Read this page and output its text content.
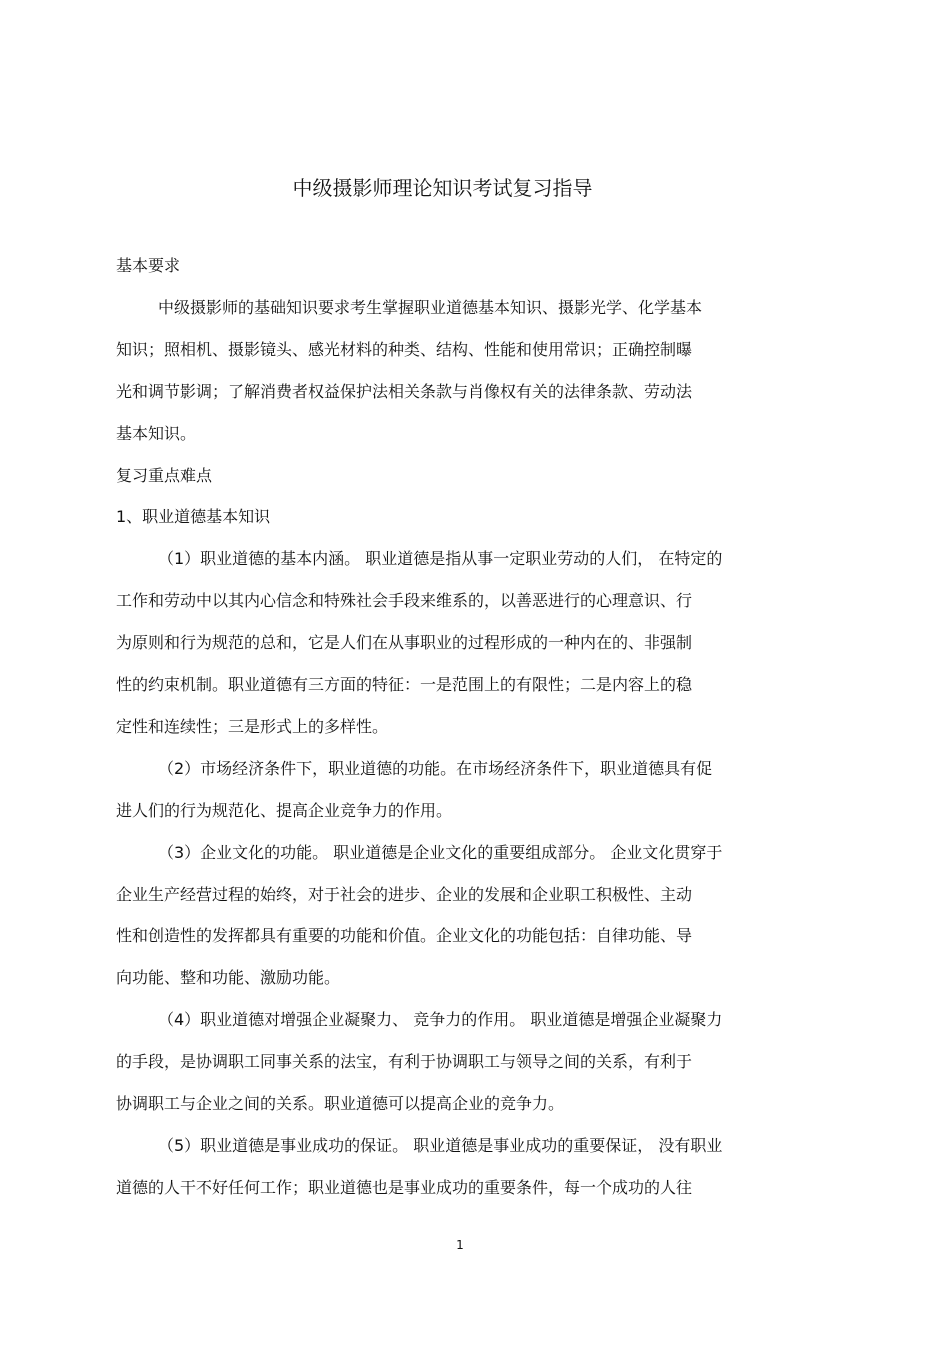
中级摄影师理论知识考试复习指导
基本要求
中级摄影师的基础知识要求考生掌握职业道德基本知识、摄影光学、化学基本
知识；照相机、摄影镜头、感光材料的种类、结构、性能和使用常识；正确控制曝
光和调节影调；了解消费者权益保护法相关条款与肖像权有关的法律条款、劳动法
基本知识。
复习重点难点
1、职业道德基本知识
（1）职业道德的基本内涵。 职业道德是指从事一定职业劳动的人们， 在特定的
工作和劳动中以其内心信念和特殊社会手段来维系的，以善恶进行的心理意识、行
为原则和行为规范的总和，它是人们在从事职业的过程形成的一种内在的、非强制
性的约束机制。职业道德有三方面的特征：一是范围上的有限性；二是内容上的稳
定性和连续性；三是形式上的多样性。
（2）市场经济条件下，职业道德的功能。在市场经济条件下，职业道德具有促
进人们的行为规范化、提高企业竞争力的作用。
（3）企业文化的功能。 职业道德是企业文化的重要组成部分。 企业文化贯穿于
企业生产经营过程的始终，对于社会的进步、企业的发展和企业职工积极性、主动
性和创造性的发挥都具有重要的功能和价值。企业文化的功能包括：自律功能、导
向功能、整和功能、激励功能。
（4）职业道德对增强企业凝聚力、 竞争力的作用。 职业道德是增强企业凝聚力
的手段，是协调职工同事关系的法宝，有利于协调职工与领导之间的关系，有利于
协调职工与企业之间的关系。职业道德可以提高企业的竞争力。
（5）职业道德是事业成功的保证。 职业道德是事业成功的重要保证， 没有职业
道德的人干不好任何工作；职业道德也是事业成功的重要条件，每一个成功的人往
1
